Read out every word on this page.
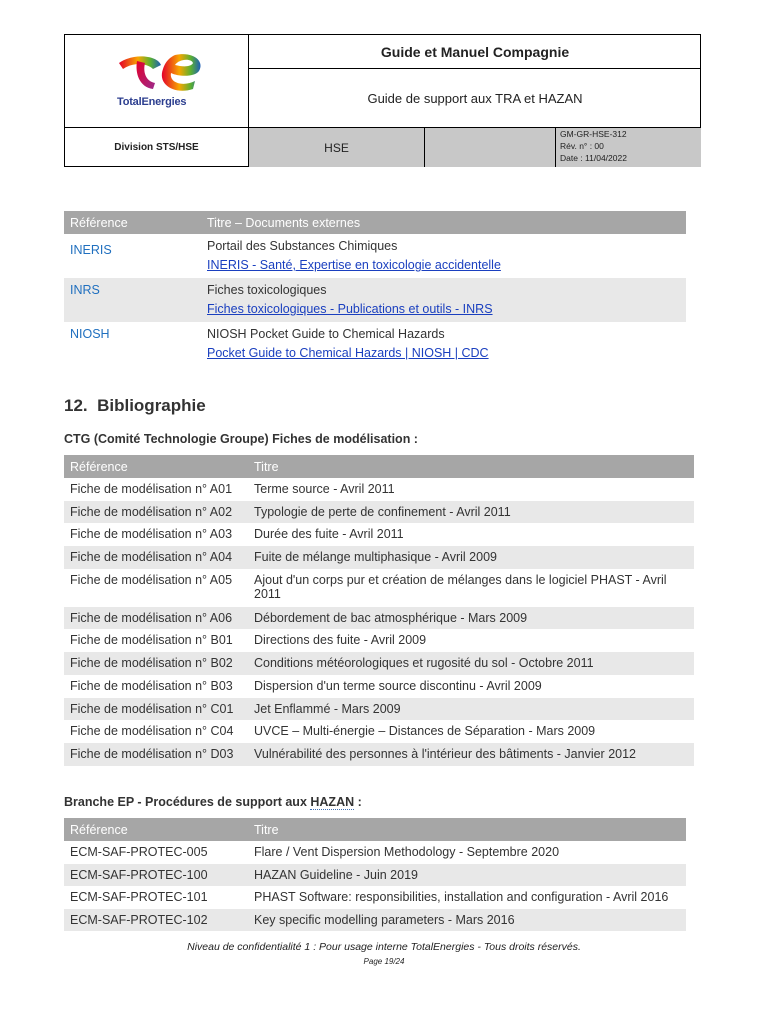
TotalEnergies
Guide et Manuel Compagnie
Guide de support aux TRA et HAZAN
Division STS/HSE	HSE
GM-GR-HSE-312
Rév. n° : 00
Date : 11/04/2022
Référence	Titre – Documents externes
INERIS	Portail des Substances Chimiques
INERIS - Santé, Expertise en toxicologie accidentelle
INRS	Fiches toxicologiques
Fiches toxicologiques - Publications et outils - INRS
NIOSH	NIOSH Pocket Guide to Chemical Hazards
Pocket Guide to Chemical Hazards | NIOSH | CDC
12. Bibliographie
CTG (Comité Technologie Groupe) Fiches de modélisation :
Référence	Titre
Fiche de modélisation n° A01	Terme source - Avril 2011
Fiche de modélisation n° A02	Typologie de perte de confinement - Avril 2011
Fiche de modélisation n° A03	Durée des fuite - Avril 2011
Fiche de modélisation n° A04	Fuite de mélange multiphasique - Avril 2009
Fiche de modélisation n° A05	Ajout d'un corps pur et création de mélanges dans le logiciel PHAST - Avril 2011
Fiche de modélisation n° A06	Débordement de bac atmosphérique - Mars 2009
Fiche de modélisation n° B01	Directions des fuite - Avril 2009
Fiche de modélisation n° B02	Conditions météorologiques et rugosité du sol - Octobre 2011
Fiche de modélisation n° B03	Dispersion d'un terme source discontinu - Avril 2009
Fiche de modélisation n° C01	Jet Enflammé - Mars 2009
Fiche de modélisation n° C04	UVCE – Multi-énergie – Distances de Séparation - Mars 2009
Fiche de modélisation n° D03	Vulnérabilité des personnes à l'intérieur des bâtiments - Janvier 2012
Branche EP - Procédures de support aux HAZAN :
Référence	Titre
ECM-SAF-PROTEC-005	Flare / Vent Dispersion Methodology - Septembre 2020
ECM-SAF-PROTEC-100	HAZAN Guideline - Juin 2019
ECM-SAF-PROTEC-101	PHAST Software: responsibilities, installation and configuration - Avril 2016
ECM-SAF-PROTEC-102	Key specific modelling parameters - Mars 2016
Niveau de confidentialité 1 : Pour usage interne TotalEnergies - Tous droits réservés.
Page 19/24
